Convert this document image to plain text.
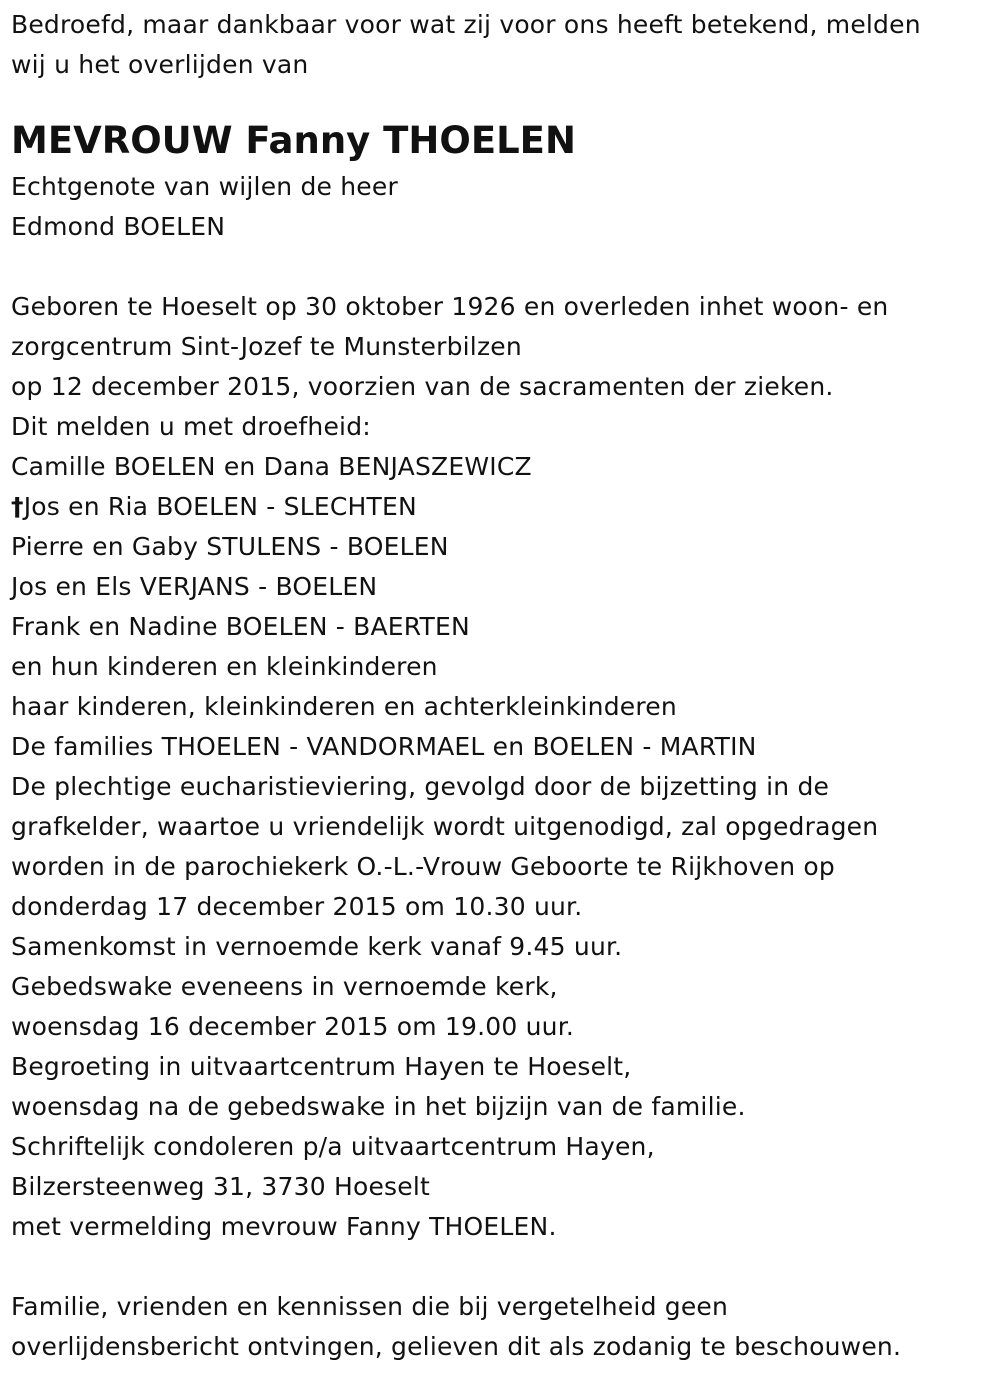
Bedroefd, maar dankbaar voor wat zij voor ons heeft betekend, melden
wij u het overlijden van
MEVROUW Fanny THOELEN
Echtgenote van wijlen de heer
Edmond BOELEN
Geboren te Hoeselt op 30 oktober 1926 en overleden inhet woon- en
zorgcentrum Sint-Jozef te Munsterbilzen
op 12 december 2015, voorzien van de sacramenten der zieken.
Dit melden u met droefheid:
Camille BOELEN en Dana BENJASZEWICZ
†Jos en Ria BOELEN - SLECHTEN
Pierre en Gaby STULENS - BOELEN
Jos en Els VERJANS - BOELEN
Frank en Nadine BOELEN - BAERTEN
en hun kinderen en kleinkinderen
haar kinderen, kleinkinderen en achterkleinkinderen
De families THOELEN - VANDORMAEL en BOELEN - MARTIN
De plechtige eucharistieviering, gevolgd door de bijzetting in de
grafkelder, waartoe u vriendelijk wordt uitgenodigd, zal opgedragen
worden in de parochiekerk O.-L.-Vrouw Geboorte te Rijkhoven op
donderdag 17 december 2015 om 10.30 uur.
Samenkomst in vernoemde kerk vanaf 9.45 uur.
Gebedswake eveneens in vernoemde kerk,
woensdag 16 december 2015 om 19.00 uur.
Begroeting in uitvaartcentrum Hayen te Hoeselt,
woensdag na de gebedswake in het bijzijn van de familie.
Schriftelijk condoleren p/a uitvaartcentrum Hayen,
Bilzersteenweg 31, 3730 Hoeselt
met vermelding mevrouw Fanny THOELEN.
Familie, vrienden en kennissen die bij vergetelheid geen
overlijdensbericht ontvingen, gelieven dit als zodanig te beschouwen.
